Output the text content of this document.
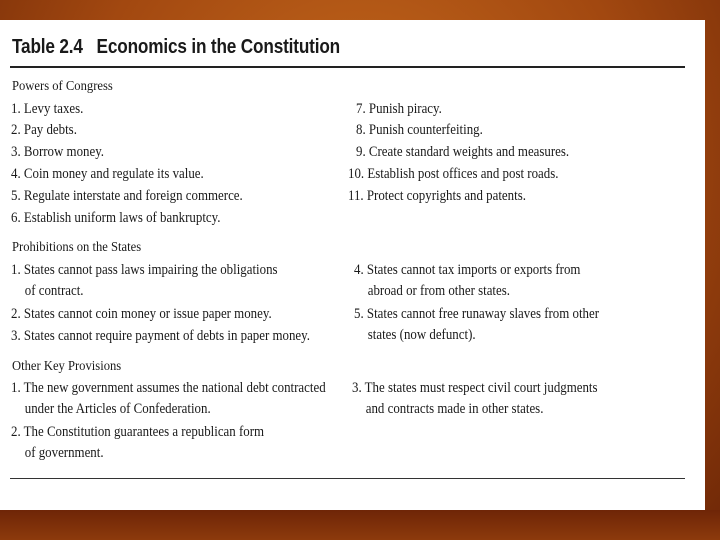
Table 2.4 Economics in the Constitution
Powers of Congress
1. Levy taxes.
2. Pay debts.
3. Borrow money.
4. Coin money and regulate its value.
5. Regulate interstate and foreign commerce.
6. Establish uniform laws of bankruptcy.
7. Punish piracy.
8. Punish counterfeiting.
9. Create standard weights and measures.
10. Establish post offices and post roads.
11. Protect copyrights and patents.
Prohibitions on the States
1. States cannot pass laws impairing the obligations
of contract.
2. States cannot coin money or issue paper money.
3. States cannot require payment of debts in paper money.
4. States cannot tax imports or exports from
abroad or from other states.
5. States cannot free runaway slaves from other
states (now defunct).
Other Key Provisions
1. The new government assumes the national debt contracted
under the Articles of Confederation.
2. The Constitution guarantees a republican form
of government.
3. The states must respect civil court judgments
and contracts made in other states.
